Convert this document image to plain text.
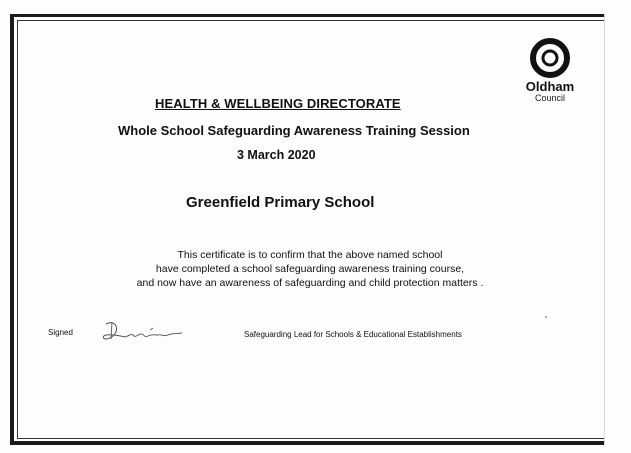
Oldham
Council
HEALTH & WELLBEING DIRECTORATE
Whole School Safeguarding Awareness Training Session
3 March 2020
Greenfield Primary School
This certificate is to confirm that the above named school
have completed a school safeguarding awareness training course,
and now have an awareness of safeguarding and child protection matters .
Signed	Safeguarding Lead for Schools & Educational Establishments
